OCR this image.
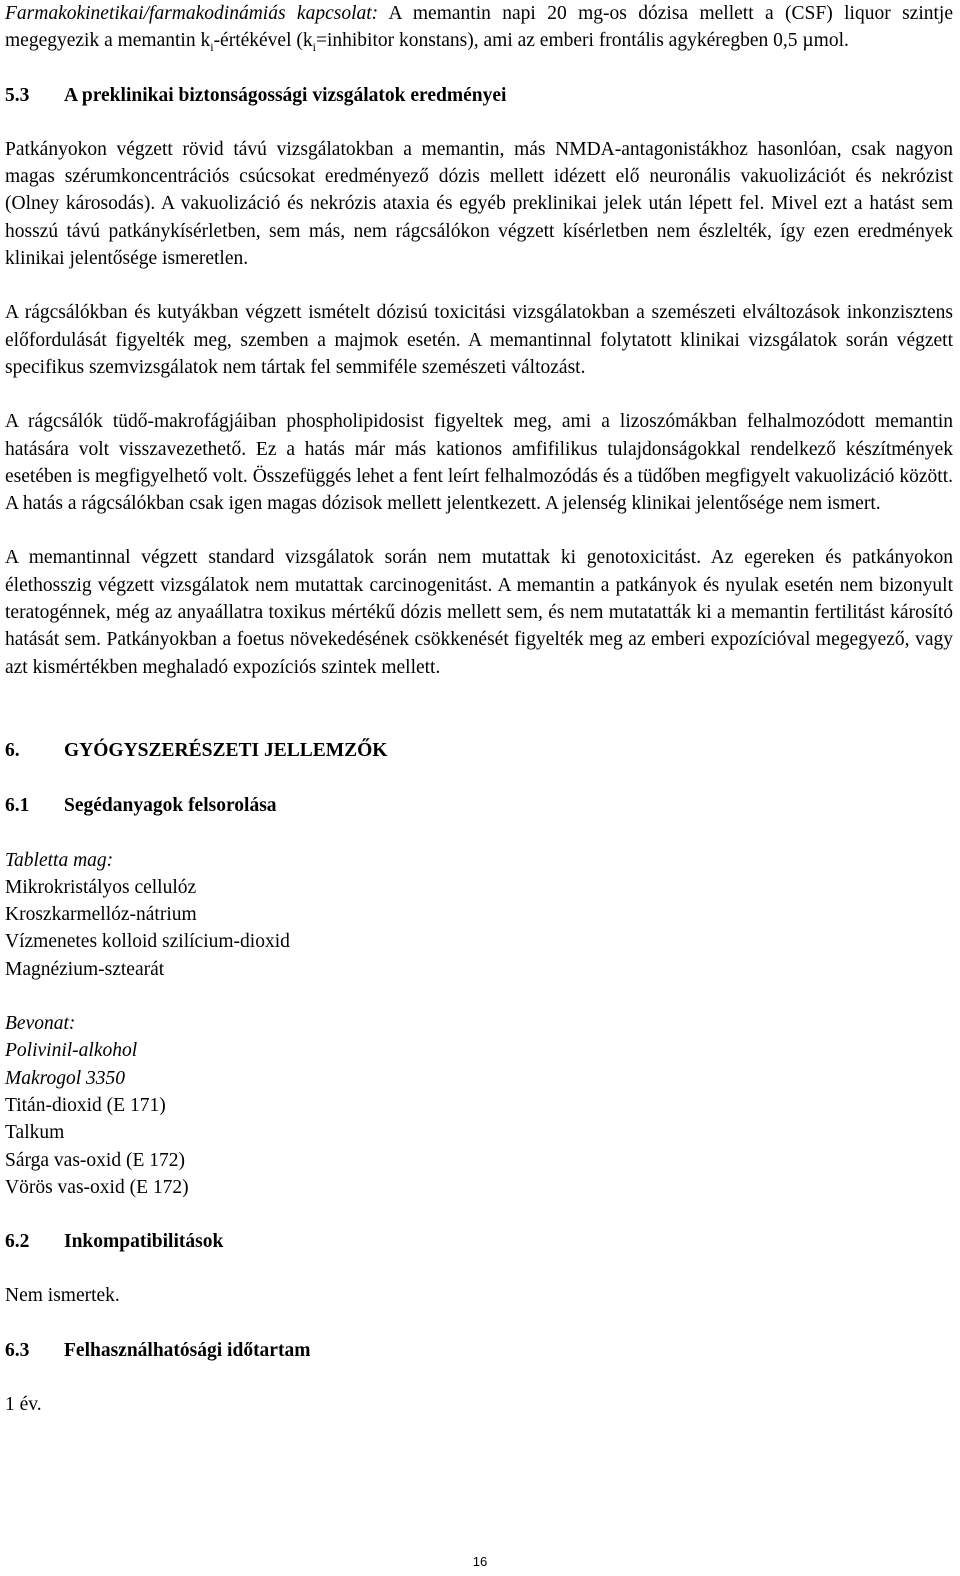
Farmakokinetikai/farmakodinámiás kapcsolat: A memantin napi 20 mg-os dózisa mellett a (CSF) liquor szintje megegyezik a memantin $k_i$-értékével ($k_i=inhibitor$ konstans), ami az emberi frontális agykéregben 0,5 µmol.

5.3	A preklinikai biztonságossági vizsgálatok eredményei

Patkányokon végzett rövid távú vizsgálatokban a memantin, más NMDA-antagonistákhoz hasonlóan, csak nagyon magas szérumkoncentrációs csúcsokat eredményező dózis mellett idézett elő neuronális vakuolizációt és nekrózist (Olney károsodás). A vakuolizáció és nekrózis ataxia és egyéb preklinikai jelek után lépett fel. Mivel ezt a hatást sem hosszú távú patkánykísérletben, sem más, nem rágcsálókon végzett kísérletben nem észlelték, így ezen eredmények klinikai jelentősége ismeretlen.

A rágcsálókban és kutyákban végzett ismételt dózisú toxicitási vizsgálatokban a szemészeti elváltozások inkonzisztens előfordulását figyelték meg, szemben a majmok esetén. A memantinnal folytatott klinikai vizsgálatok során végzett specifikus szemvizsgálatok nem tártak fel semmiféle szemészeti változást.

A rágcsálók tüdő-makrofágjáiban phospholipidosist figyeltek meg, ami a lizoszómákban felhalmozódott memantin hatására volt visszavezethető. Ez a hatás már más kationos amfifilikus tulajdonságokkal rendelkező készítmények esetében is megfigyelhető volt. Összefüggés lehet a fent leírt felhalmozódás és a tüdőben megfigyelt vakuolizáció között. A hatás a rágcsálókban csak igen magas dózisok mellett jelentkezett. A jelenség klinikai jelentősége nem ismert.

A memantinnal végzett standard vizsgálatok során nem mutattak ki genotoxicitást. Az egereken és patkányokon élethosszig végzett vizsgálatok nem mutattak carcinogenitást. A memantin a patkányok és nyulak esetén nem bizonyult teratogénnek, még az anyaállatra toxikus mértékű dózis mellett sem, és nem mutatatták ki a memantin fertilitást károsító hatását sem. Patkányokban a foetus növekedésének csökkenését figyelték meg az emberi expozícióval megegyező, vagy azt kismértékben meghaladó expozíciós szintek mellett.

6.	GYÓGYSZERÉSZETI JELLEMZŐK
6.1	Segédanyagok felsorolása
Tabletta mag:
Mikrokristályos cellulóz
Kroszkarmellóz-nátrium
Vízmenetes kolloid szilícium-dioxid
Magnézium-sztearát
Bevonat:
Polivinil-alkohol
Makrogol 3350
Titán-dioxid (E 171)
Talkum
Sárga vas-oxid (E 172)
Vörös vas-oxid (E 172)
6.2	Inkompatibilitások

Nem ismertek.

6.3	Felhasználhatósági időtartam

1 év.

16
